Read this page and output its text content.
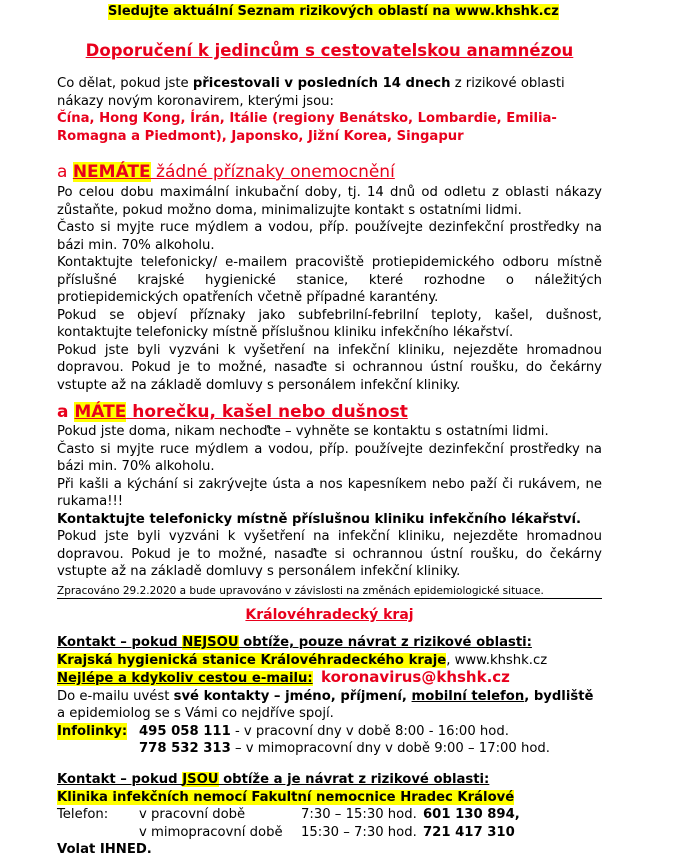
Sledujte aktuální Seznam rizikových oblastí na www.khshk.cz
Doporučení k jedincům s cestovatelskou anamnézou

Co dělat, pokud jste přicestovali v posledních 14 dnech z rizikové oblasti

nákazy novým koronavirem, kterými jsou:

Čína, Hong Kong, Írán, Itálie (regiony Benátsko, Lombardie, Emilia-Romagna a Piedmont), Japonsko, Jižní Korea, Singapur

a NEMÁTE žádné příznaky onemocnění

Po celou dobu maximální inkubační doby, tj. 14 dnů od odletu z oblasti nákazy zůstaňte, pokud možno doma, minimalizujte kontakt s ostatními lidmi.

Často si myjte ruce mýdlem a vodou, příp. používejte dezinfekční prostředky na bázi min. 70% alkoholu.

Kontaktujte telefonicky/ e-mailem pracoviště protiepidemického odboru místně příslušné krajské hygienické stanice, které rozhodne o náležitých protiepidemických opatřeních včetně případné karantény.

Pokud se objeví příznaky jako subfebrilní-febrilní teploty, kašel, dušnost, kontaktujte telefonicky místně příslušnou kliniku infekčního lékařství.

Pokud jste byli vyzváni k vyšetření na infekční kliniku, nejezděte hromadnou dopravou. Pokud je to možné, nasaďte si ochrannou ústní roušku, do čekárny vstupte až na základě domluvy s personálem infekční kliniky.

a MÁTE horečku, kašel nebo dušnost

Pokud jste doma, nikam nechoďte – vyhněte se kontaktu s ostatními lidmi.

Často si myjte ruce mýdlem a vodou, příp. používejte dezinfekční prostředky na bázi min. 70% alkoholu.

Při kašli a kýchání si zakrývejte ústa a nos kapesníkem nebo paží či rukávem, ne rukama!!!

Kontaktujte telefonicky místně příslušnou kliniku infekčního lékařství.

Pokud jste byli vyzváni k vyšetření na infekční kliniku, nejezděte hromadnou dopravou. Pokud je to možné, nasaďte si ochrannou ústní roušku, do čekárny vstupte až na základě domluvy s personálem infekční kliniky.

Zpracováno 29.2.2020 a bude upravováno v závislosti na změnách epidemiologické situace.
Královéhradecký kraj

Kontakt – pokud NEJSOU obtíže, pouze návrat z rizikové oblasti:

Krajská hygienická stanice Královéhradeckého kraje, www.khshk.cz

Nejlépe a kdykoliv cestou e-mailu: koronavirus@khshk.cz

Do e-mailu uvést své kontakty – jméno, příjmení, mobilní telefon, bydliště

a epidemiolog se s Vámi co nejdříve spojí.

Infolinky: 495 058 111 - v pracovní dny v době 8:00 - 16:00 hod.
778 532 313 – v mimopracovní dny v době 9:00 – 17:00 hod.

Kontakt – pokud JSOU obtíže a je návrat z rizikové oblasti:

Klinika infekčních nemocí Fakultní nemocnice Hradec Králové

Telefon: v pracovní době	7:30 – 15:30 hod. 601 130 894,
v mimopracovní době 15:30 – 7:30 hod. 721 417 310

Volat IHNED.
